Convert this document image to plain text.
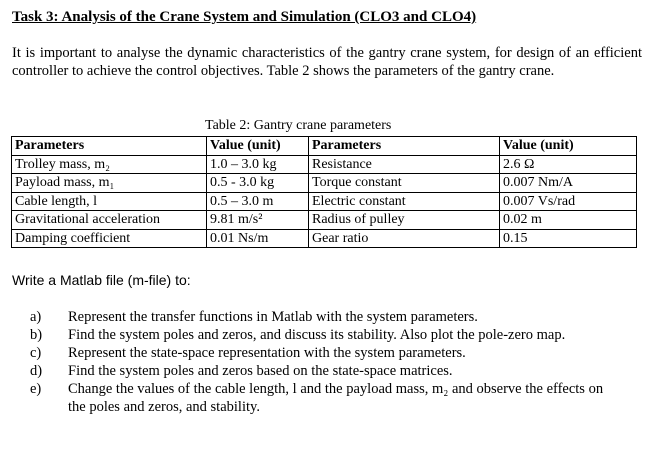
Task 3: Analysis of the Crane System and Simulation (CLO3 and CLO4)
It is important to analyse the dynamic characteristics of the gantry crane system, for design of an efficient controller to achieve the control objectives. Table 2 shows the parameters of the gantry crane.
Table 2: Gantry crane parameters
Parameters	Value (unit)	Parameters	Value (unit)
Trolley mass, m₂	1.0 – 3.0 kg	Resistance	2.6 Ω
Payload mass, m₁	0.5 - 3.0 kg	Torque constant	0.007 Nm/A
Cable length, l	0.5 – 3.0 m	Electric constant	0.007 Vs/rad
Gravitational acceleration	9.81 m/s²	Radius of pulley	0.02 m
Damping coefficient	0.01 Ns/m	Gear ratio	0.15
Write a Matlab file (m-file) to:
a) Represent the transfer functions in Matlab with the system parameters.
b) Find the system poles and zeros, and discuss its stability. Also plot the pole-zero map.
c) Represent the state-space representation with the system parameters.
d) Find the system poles and zeros based on the state-space matrices.
e) Change the values of the cable length, l and the payload mass, m₂ and observe the effects on the poles and zeros, and stability.
